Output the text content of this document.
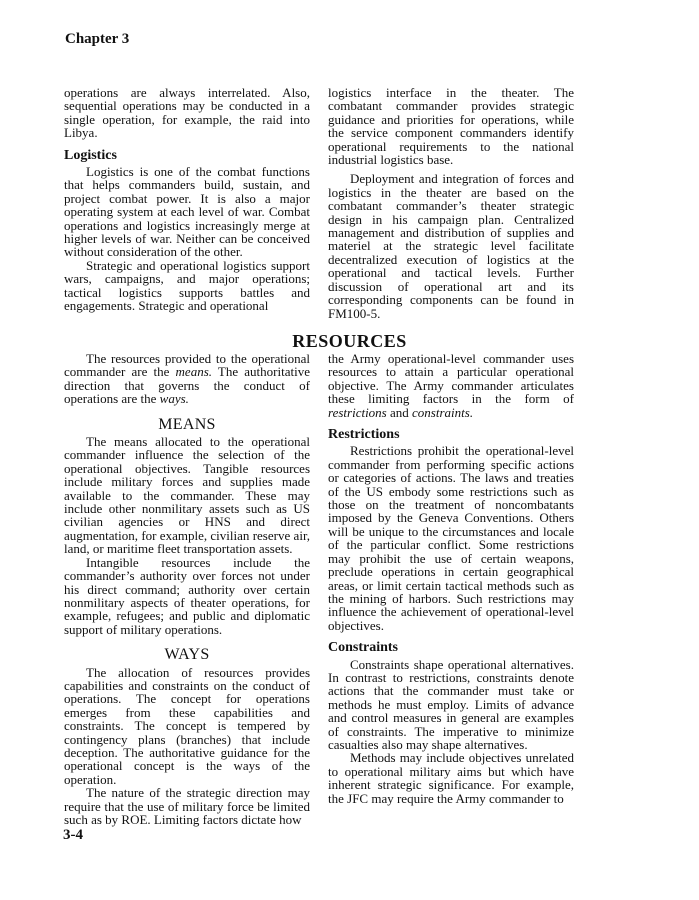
Chapter 3

operations are always interrelated. Also, sequential operations may be conducted in a single operation, for example, the raid into Libya.

Logistics

Logistics is one of the combat functions that helps commanders build, sustain, and project combat power. It is also a major operating system at each level of war. Combat operations and logistics increasingly merge at higher levels of war. Neither can be conceived without consideration of the other.

Strategic and operational logistics support wars, campaigns, and major operations; tactical logistics supports battles and engagements. Strategic and operational

logistics interface in the theater. The combatant commander provides strategic guidance and priorities for operations, while the service component commanders identify operational requirements to the national industrial logistics base.

Deployment and integration of forces and logistics in the theater are based on the combatant commander’s theater strategic design in his campaign plan. Centralized management and distribution of supplies and materiel at the strategic level facilitate decentralized execution of logistics at the operational and tactical levels. Further discussion of operational art and its corresponding components can be found in FM100-5.

RESOURCES

The resources provided to the operational commander are the means. The authoritative direction that governs the conduct of operations are the ways.

MEANS

The means allocated to the operational commander influence the selection of the operational objectives. Tangible resources include military forces and supplies made available to the commander. These may include other nonmilitary assets such as US civilian agencies or HNS and direct augmentation, for example, civilian reserve air, land, or maritime fleet transportation assets.

Intangible resources include the commander’s authority over forces not under his direct command; authority over certain nonmilitary aspects of theater operations, for example, refugees; and public and diplomatic support of military operations.

WAYS

The allocation of resources provides capabilities and constraints on the conduct of operations. The concept for operations emerges from these capabilities and constraints. The concept is tempered by contingency plans (branches) that include deception. The authoritative guidance for the operational concept is the ways of the operation.

The nature of the strategic direction may require that the use of military force be limited such as by ROE. Limiting factors dictate how

the Army operational-level commander uses resources to attain a particular operational objective. The Army commander articulates these limiting factors in the form of restrictions and constraints.

Restrictions

Restrictions prohibit the operational-level commander from performing specific actions or categories of actions. The laws and treaties of the US embody some restrictions such as those on the treatment of noncombatants imposed by the Geneva Conventions. Others will be unique to the circumstances and locale of the particular conflict. Some restrictions may prohibit the use of certain weapons, preclude operations in certain geographical areas, or limit certain tactical methods such as the mining of harbors. Such restrictions may influence the achievement of operational-level objectives.

Constraints

Constraints shape operational alternatives. In contrast to restrictions, constraints denote actions that the commander must take or methods he must employ. Limits of advance and control measures in general are examples of constraints. The imperative to minimize casualties also may shape alternatives.

Methods may include objectives unrelated to operational military aims but which have inherent strategic significance. For example, the JFC may require the Army commander to

3-4
